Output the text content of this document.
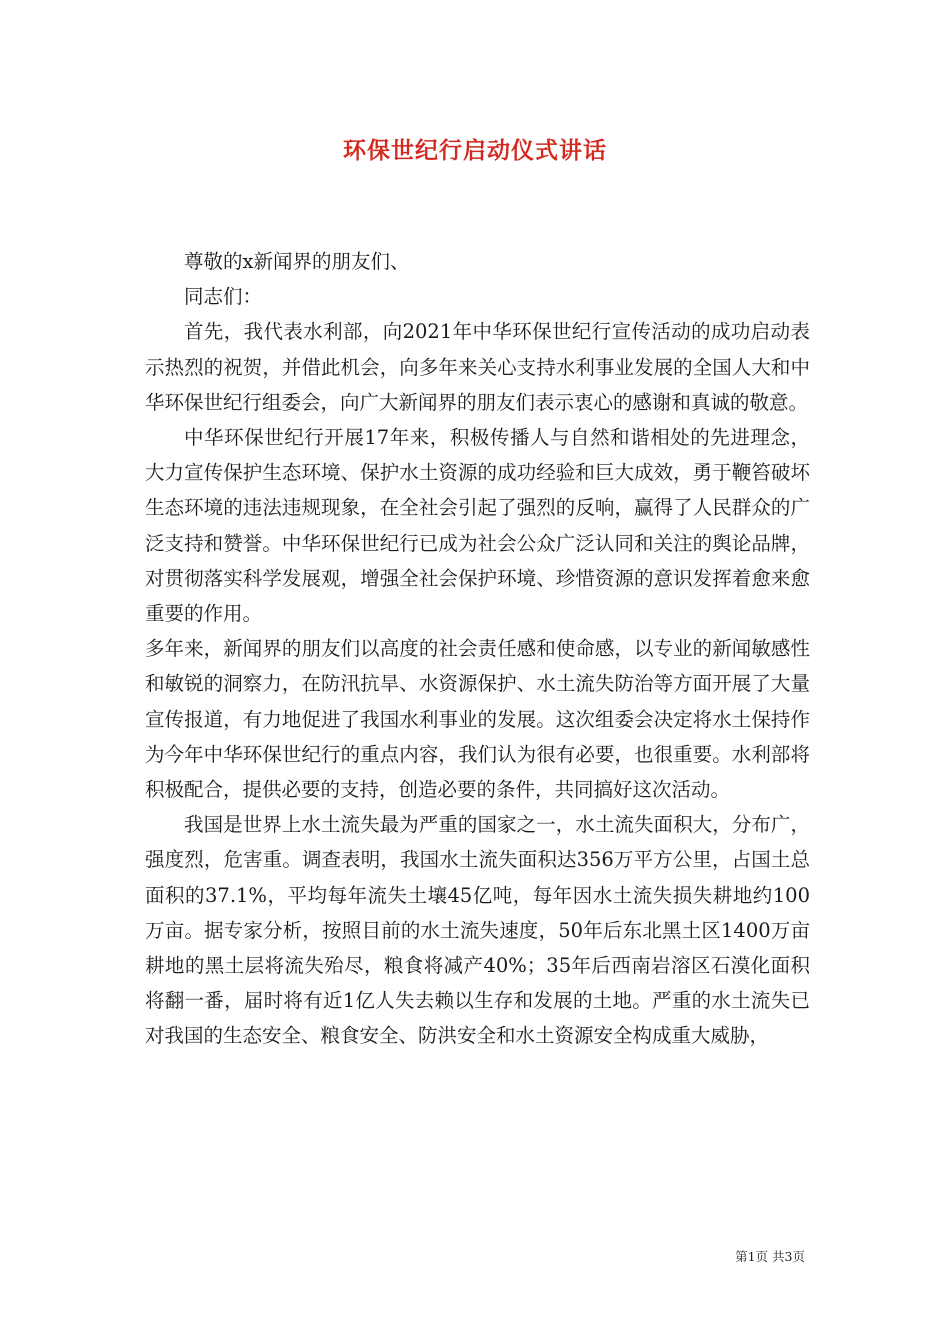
环保世纪行启动仪式讲话

尊敬的x新闻界的朋友们、

同志们：

首先，我代表水利部，向2021年中华环保世纪行宣传活动的成功启动表示热烈的祝贺，并借此机会，向多年来关心支持水利事业发展的全国人大和中华环保世纪行组委会，向广大新闻界的朋友们表示衷心的感谢和真诚的敬意。

中华环保世纪行开展17年来，积极传播人与自然和谐相处的先进理念，大力宣传保护生态环境、保护水土资源的成功经验和巨大成效，勇于鞭笞破坏生态环境的违法违规现象，在全社会引起了强烈的反响，赢得了人民群众的广泛支持和赞誉。中华环保世纪行已成为社会公众广泛认同和关注的舆论品牌，对贯彻落实科学发展观，增强全社会保护环境、珍惜资源的意识发挥着愈来愈重要的作用。

多年来，新闻界的朋友们以高度的社会责任感和使命感，以专业的新闻敏感性和敏锐的洞察力，在防汛抗旱、水资源保护、水土流失防治等方面开展了大量宣传报道，有力地促进了我国水利事业的发展。这次组委会决定将水土保持作为今年中华环保世纪行的重点内容，我们认为很有必要，也很重要。水利部将积极配合，提供必要的支持，创造必要的条件，共同搞好这次活动。

我国是世界上水土流失最为严重的国家之一，水土流失面积大，分布广，强度烈，危害重。调查表明，我国水土流失面积达356万平方公里，占国土总面积的37.1%，平均每年流失土壤45亿吨，每年因水土流失损失耕地约100万亩。据专家分析，按照目前的水土流失速度，50年后东北黑土区1400万亩耕地的黑土层将流失殆尽，粮食将减产40%；35年后西南岩溶区石漠化面积将翻一番，届时将有近1亿人失去赖以生存和发展的土地。严重的水土流失已对我国的生态安全、粮食安全、防洪安全和水土资源安全构成重大威胁，

第1页 共3页
